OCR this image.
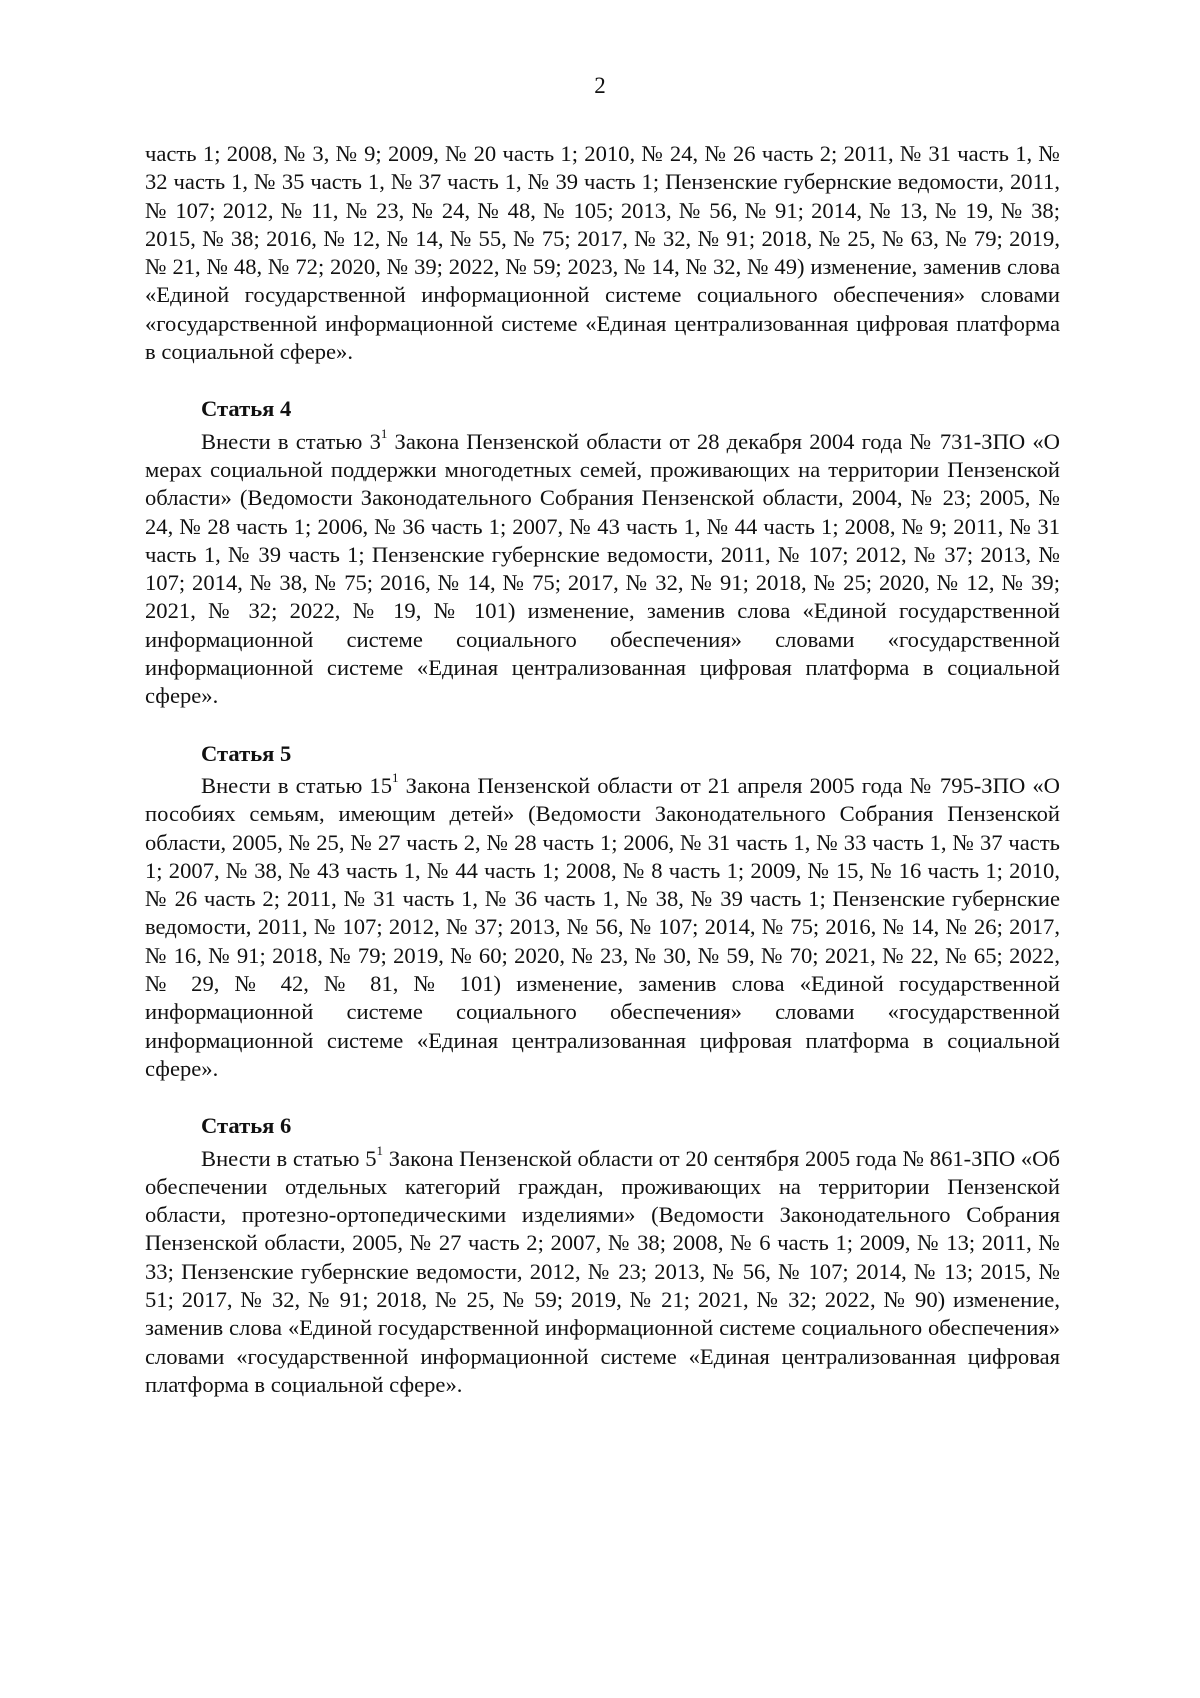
2

часть 1; 2008, № 3, № 9; 2009, № 20 часть 1; 2010, № 24, № 26 часть 2; 2011, № 31 часть 1, № 32 часть 1, № 35 часть 1, № 37 часть 1, № 39 часть 1; Пензенские губернские ведомости, 2011, № 107; 2012, № 11, № 23, № 24, № 48, № 105; 2013, № 56, № 91; 2014, № 13, № 19, № 38; 2015, № 38; 2016, № 12, № 14, № 55, № 75; 2017, № 32, № 91; 2018, № 25, № 63, № 79; 2019, № 21, № 48, № 72; 2020, № 39; 2022, № 59; 2023, № 14, № 32, № 49) изменение, заменив слова «Единой государственной информационной системе социального обеспечения» словами «государственной информационной системе «Единая централизованная цифровая платформа в социальной сфере».

Статья 4

Внести в статью $3^1$ Закона Пензенской области от 28 декабря 2004 года № 731-ЗПО «О мерах социальной поддержки многодетных семей, проживающих на территории Пензенской области» (Ведомости Законодательного Собрания Пензенской области, 2004, № 23; 2005, № 24, № 28 часть 1; 2006, № 36 часть 1; 2007, № 43 часть 1, № 44 часть 1; 2008, № 9; 2011, № 31 часть 1, № 39 часть 1; Пензенские губернские ведомости, 2011, № 107; 2012, № 37; 2013, № 107; 2014, № 38, № 75; 2016, № 14, № 75; 2017, № 32, № 91; 2018, № 25; 2020, № 12, № 39; 2021, № 32; 2022, № 19, № 101) изменение, заменив слова «Единой государственной информационной системе социального обеспечения» словами «государственной информационной системе «Единая централизованная цифровая платформа в социальной сфере».

Статья 5

Внести в статью $15^1$ Закона Пензенской области от 21 апреля 2005 года № 795-ЗПО «О пособиях семьям, имеющим детей» (Ведомости Законодательного Собрания Пензенской области, 2005, № 25, № 27 часть 2, № 28 часть 1; 2006, № 31 часть 1, № 33 часть 1, № 37 часть 1; 2007, № 38, № 43 часть 1, № 44 часть 1; 2008, № 8 часть 1; 2009, № 15, № 16 часть 1; 2010, № 26 часть 2; 2011, № 31 часть 1, № 36 часть 1, № 38, № 39 часть 1; Пензенские губернские ведомости, 2011, № 107; 2012, № 37; 2013, № 56, № 107; 2014, № 75; 2016, № 14, № 26; 2017, № 16, № 91; 2018, № 79; 2019, № 60; 2020, № 23, № 30, № 59, № 70; 2021, № 22, № 65; 2022, № 29, № 42, № 81, № 101) изменение, заменив слова «Единой государственной информационной системе социального обеспечения» словами «государственной информационной системе «Единая централизованная цифровая платформа в социальной сфере».

Статья 6

Внести в статью $5^1$ Закона Пензенской области от 20 сентября 2005 года № 861-ЗПО «Об обеспечении отдельных категорий граждан, проживающих на территории Пензенской области, протезно-ортопедическими изделиями» (Ведомости Законодательного Собрания Пензенской области, 2005, № 27 часть 2; 2007, № 38; 2008, № 6 часть 1; 2009, № 13; 2011, № 33; Пензенские губернские ведомости, 2012, № 23; 2013, № 56, № 107; 2014, № 13; 2015, № 51; 2017, № 32, № 91; 2018, № 25, № 59; 2019, № 21; 2021, № 32; 2022, № 90) изменение, заменив слова «Единой государственной информационной системе социального обеспечения» словами «государственной информационной системе «Единая централизованная цифровая платформа в социальной сфере».
